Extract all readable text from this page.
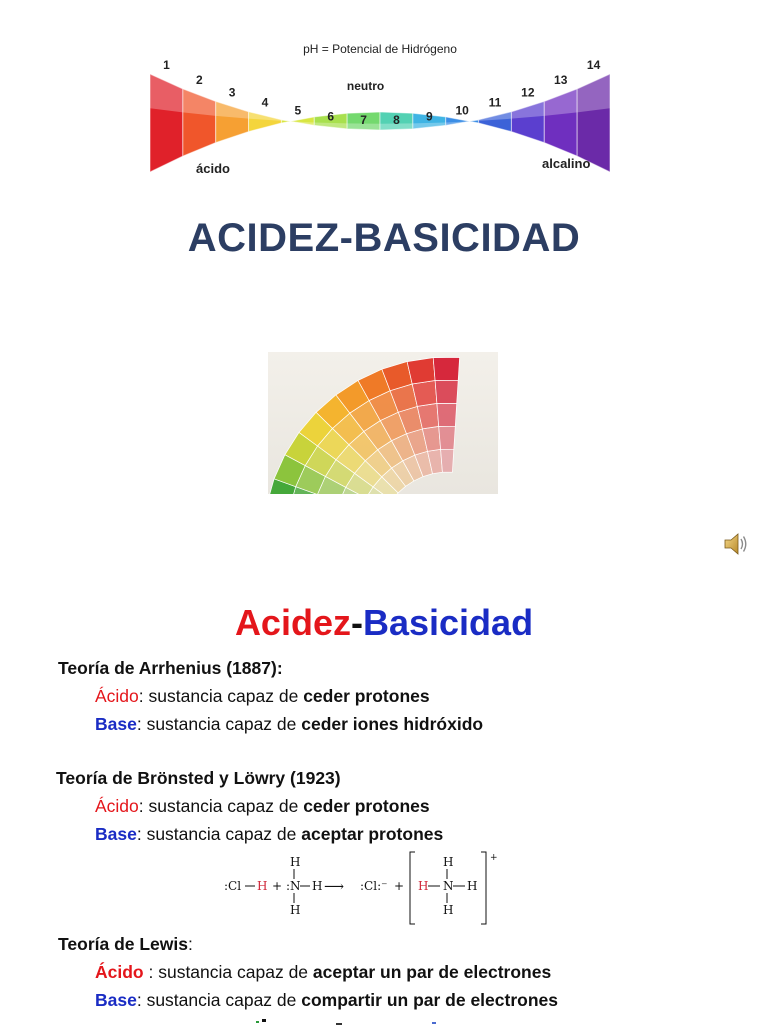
pH = Potencial de Hidrógeno
1
2
3
4
5 6 7 8 9 10
11
12
13
14
neutro
ácido	alcalino
ACIDEZ-BASICIDAD
Acidez-Basicidad
Teoría de Arrhenius (1887):
Ácido: sustancia capaz de ceder protones
Base: sustancia capaz de ceder iones hidróxido
Teoría de Brönsted y Löwry (1923)
Ácido: sustancia capaz de ceder protones
Base: sustancia capaz de aceptar protones
:Cl H +
H
: N H
H
⟶ :Cl:⁻ +
+
H
H N H
H
Teoría de Lewis:
Ácido : sustancia capaz de aceptar un par de electrones
Base: sustancia capaz de compartir un par de electrones
